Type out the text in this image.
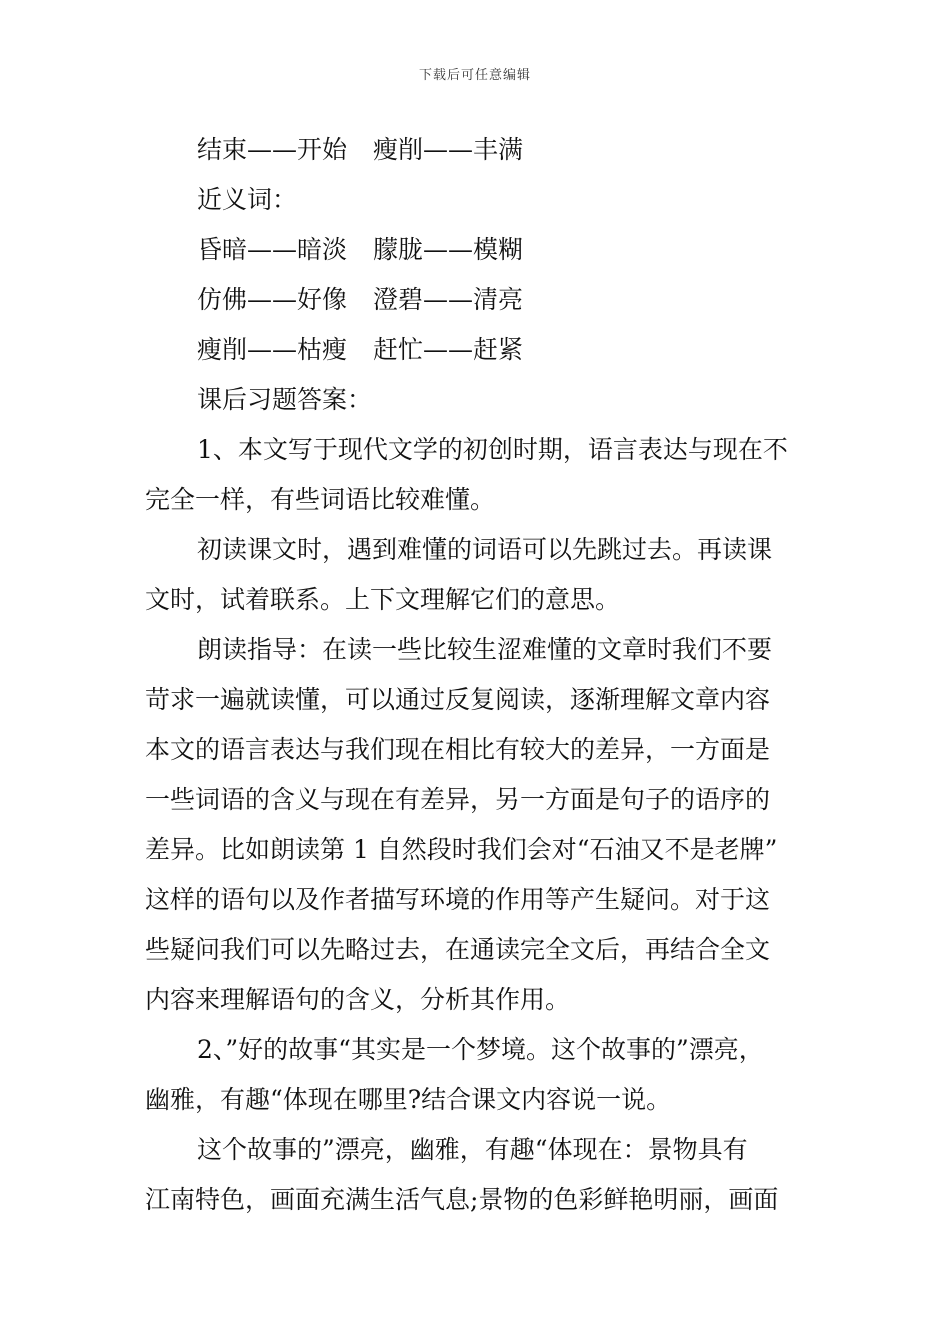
下载后可任意编辑
结束——开始 瘦削——丰满
近义词：
昏暗——暗淡 朦胧——模糊
仿佛——好像 澄碧——清亮
瘦削——枯瘦 赶忙——赶紧
课后习题答案：
1、本文写于现代文学的初创时期，语言表达与现在不
完全一样，有些词语比较难懂。
初读课文时，遇到难懂的词语可以先跳过去。再读课
文时，试着联系。上下文理解它们的意思。
朗读指导：在读一些比较生涩难懂的文章时我们不要
苛求一遍就读懂，可以通过反复阅读，逐渐理解文章内容
本文的语言表达与我们现在相比有较大的差异，一方面是
一些词语的含义与现在有差异，另一方面是句子的语序的
差异。比如朗读第 1 自然段时我们会对“石油又不是老牌”
这样的语句以及作者描写环境的作用等产生疑问。对于这
些疑问我们可以先略过去，在通读完全文后，再结合全文
内容来理解语句的含义，分析其作用。
2、”好的故事“其实是一个梦境。这个故事的”漂亮，
幽雅，有趣“体现在哪里?结合课文内容说一说。
这个故事的”漂亮，幽雅，有趣“体现在：景物具有
江南特色，画面充满生活气息;景物的色彩鲜艳明丽，画面
